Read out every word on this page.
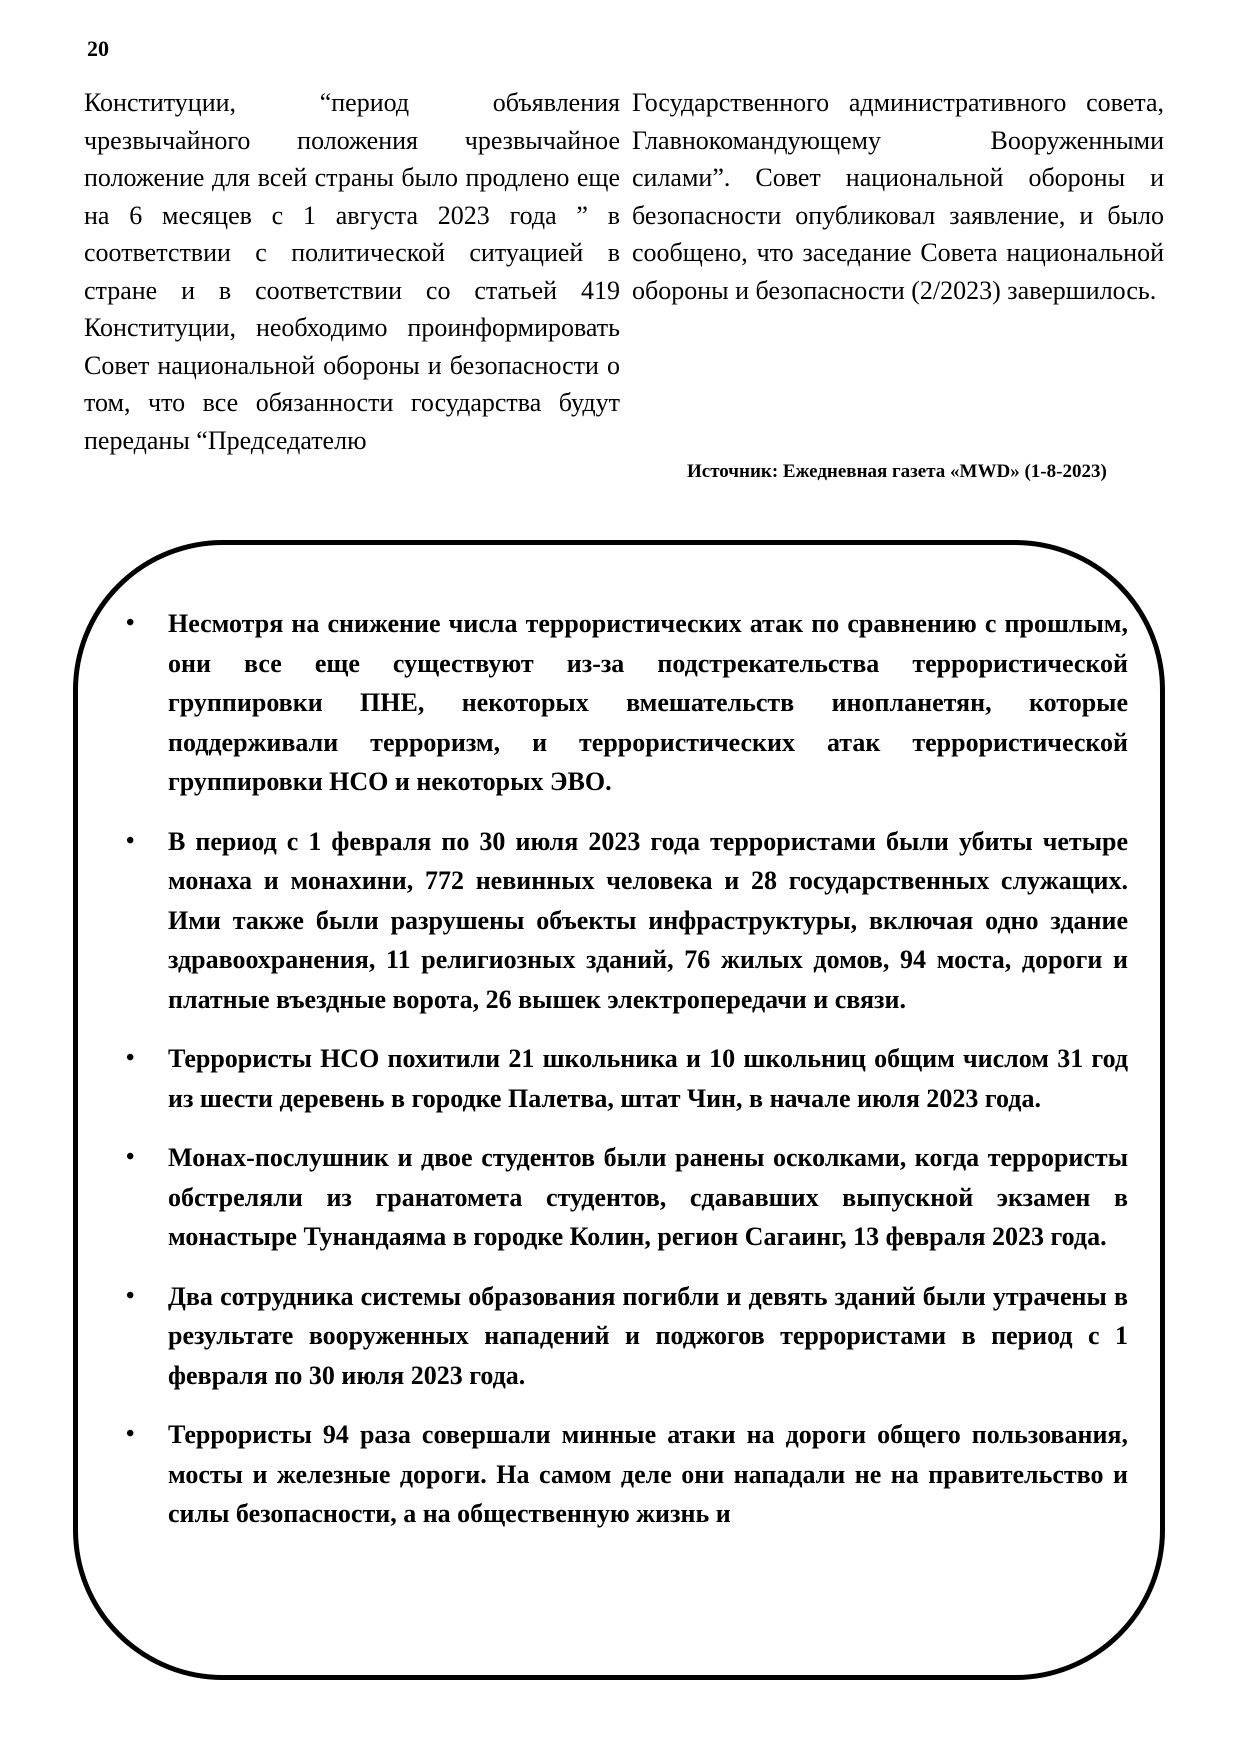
20
Конституции, “период объявления чрезвычайного положения чрезвычайное положение для всей страны было продлено еще на 6 месяцев с 1 августа 2023 года ” в соответствии с политической ситуацией в стране и в соответствии со статьей 419 Конституции, необходимо проинформировать Совет национальной обороны и безопасности о том, что все обязанности государства будут переданы “Председателю
Государственного административного совета, Главнокомандующему Вооруженными силами”. Совет национальной обороны и безопасности опубликовал заявление, и было сообщено, что заседание Совета национальной обороны и безопасности (2/2023) завершилось.
Источник: Ежедневная газета «MWD» (1-8-2023)
• Несмотря на снижение числа террористических атак по сравнению с прошлым, они все еще существуют из-за подстрекательства террористической группировки ПНЕ, некоторых вмешательств инопланетян, которые поддерживали терроризм, и террористических атак террористической группировки НСО и некоторых ЭВО.
• В период с 1 февраля по 30 июля 2023 года террористами были убиты четыре монаха и монахини, 772 невинных человека и 28 государственных служащих. Ими также были разрушены объекты инфраструктуры, включая одно здание здравоохранения, 11 религиозных зданий, 76 жилых домов, 94 моста, дороги и платные въездные ворота, 26 вышек электропередачи и связи.
• Террористы НСО похитили 21 школьника и 10 школьниц общим числом 31 год из шести деревень в городке Палетва, штат Чин, в начале июля 2023 года.
• Монах-послушник и двое студентов были ранены осколками, когда террористы обстреляли из гранатомета студентов, сдававших выпускной экзамен в монастыре Тунандаяма в городке Колин, регион Сагаинг, 13 февраля 2023 года.
• Два сотрудника системы образования погибли и девять зданий были утрачены в результате вооруженных нападений и поджогов террористами в период с 1 февраля по 30 июля 2023 года.
• Террористы 94 раза совершали минные атаки на дороги общего пользования, мосты и железные дороги. На самом деле они нападали не на правительство и силы безопасности, а на общественную жизнь и
